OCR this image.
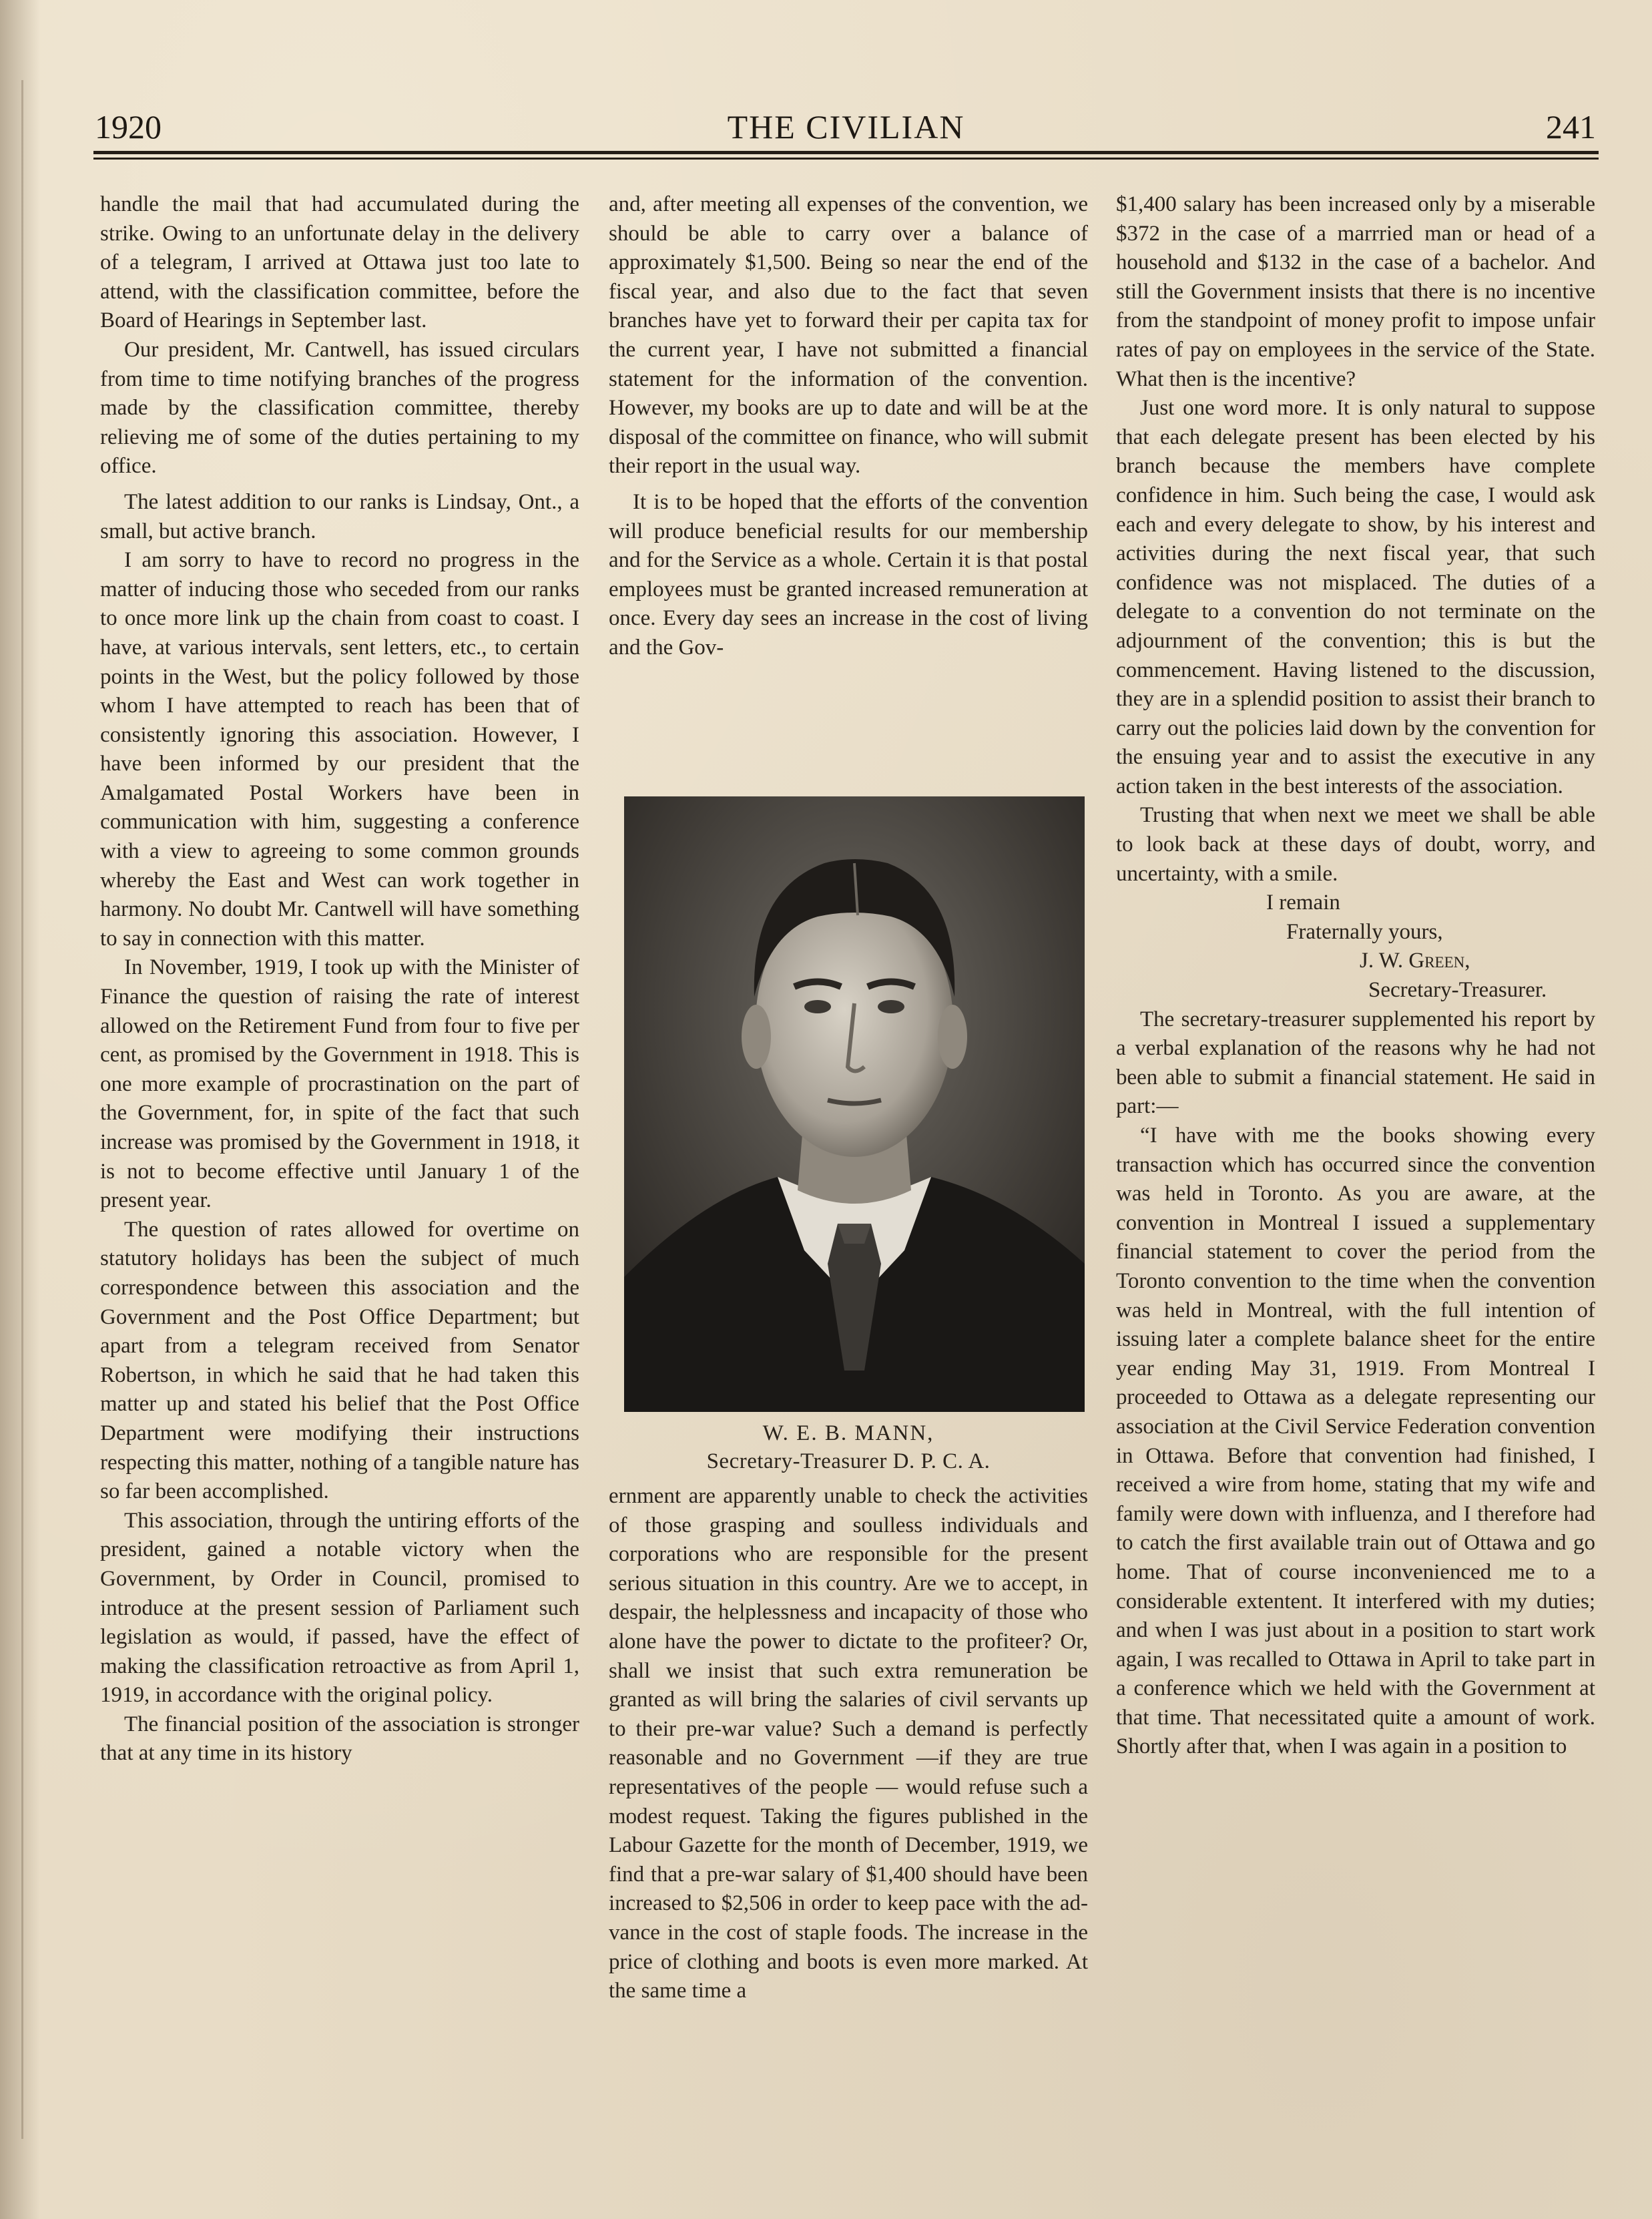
1920	THE CIVILIAN	241

handle the mail that had accumulated during the strike. Owing to an unfortunate delay in the delivery of a telegram, I arrived at Ottawa just too late to attend, with the classification committee, before the Board of Hearings in September last.

Our president, Mr. Cantwell, has issued circulars from time to time notifying branches of the progress made by the classification committee, thereby relieving me of some of the duties pertaining to my office.

The latest addition to our ranks is Lindsay, Ont., a small, but active branch.

I am sorry to have to record no progress in the matter of inducing those who seceded from our ranks to once more link up the chain from coast to coast. I have, at various intervals, sent letters, etc., to certain points in the West, but the policy followed by those whom I have attempted to reach has been that of consistently ignoring this association. However, I have been informed by our president that the Amalgamated Postal Workers have been in communication with him, suggesting a conference with a view to agreeing to some common grounds whereby the East and West can work together in harmony. No doubt Mr. Cantwell will have something to say in connection with this matter.

In November, 1919, I took up with the Minister of Finance the question of raising the rate of interest allowed on the Retirement Fund from four to five per cent, as promised by the Government in 1918. This is one more example of procrastination on the part of the Government, for, in spite of the fact that such increase was promised by the Government in 1918, it is not to become effective until January 1 of the present year.

The question of rates allowed for overtime on statutory holidays has been the subject of much correspondence between this association and the Government and the Post Office Department; but apart from a telegram received from Senator Robertson, in which he said that he had taken this matter up and stated his belief that the Post Office Department were modifying their instructions respecting this matter, nothing of a tangible nature has so far been accomplished.

This association, through the untiring efforts of the president, gained a notable victory when the Government, by Order in Council, promised to introduce at the present session of Parliament such legislation as would, if passed, have the effect of making the classification retroactive as from April 1, 1919, in accordance with the original policy.

The financial position of the association is stronger that at any time in its history

and, after meeting all expenses of the convention, we should be able to carry over a balance of approximately $1,500. Being so near the end of the fiscal year, and also due to the fact that seven branches have yet to forward their per capita tax for the current year, I have not submitted a financial statement for the information of the convention. However, my books are up to date and will be at the disposal of the committee on finance, who will submit their report in the usual way.

It is to be hoped that the efforts of the convention will produce beneficial results for our membership and for the Service as a whole. Certain it is that postal employees must be granted increased remuneration at once. Every day sees an increase in the cost of living and the Gov-

W. E. B. MANN,
Secretary-Treasurer D. P. C. A.

ernment are apparently unable to check the activities of those grasping and soulless individuals and corporations who are responsible for the present serious situation in this country. Are we to accept, in despair, the helplessness and incapacity of those who alone have the power to dictate to the profiteer? Or, shall we insist that such extra remuneration be granted as will bring the salaries of civil servants up to their pre-war value? Such a demand is perfectly reasonable and no Government —if they are true representatives of the people — would refuse such a modest request. Taking the figures published in the Labour Gazette for the month of December, 1919, we find that a pre-war salary of $1,400 should have been increased to $2,506 in order to keep pace with the advance in the cost of staple foods. The increase in the price of clothing and boots is even more marked. At the same time a

$1,400 salary has been increased only by a miserable $372 in the case of a marrried man or head of a household and $132 in the case of a bachelor. And still the Government insists that there is no incentive from the standpoint of money profit to impose unfair rates of pay on employees in the service of the State. What then is the incentive?

Just one word more. It is only natural to suppose that each delegate present has been elected by his branch because the members have complete confidence in him. Such being the case, I would ask each and every delegate to show, by his interest and activities during the next fiscal year, that such confidence was not misplaced. The duties of a delegate to a convention do not terminate on the adjournment of the convention; this is but the commencement. Having listened to the discussion, they are in a splendid position to assist their branch to carry out the policies laid down by the convention for the ensuing year and to assist the executive in any action taken in the best interests of the association.

Trusting that when next we meet we shall be able to look back at these days of doubt, worry, and uncertainty, with a smile.

I remain

Fraternally yours,

J. W. Green,

Secretary-Treasurer.

The secretary-treasurer supplemented his report by a verbal explanation of the reasons why he had not been able to submit a financial statement. He said in part:—

“I have with me the books showing every transaction which has occurred since the convention was held in Toronto. As you are aware, at the convention in Montreal I issued a supplementary financial statement to cover the period from the Toronto convention to the time when the convention was held in Montreal, with the full intention of issuing later a complete balance sheet for the entire year ending May 31, 1919. From Montreal I proceeded to Ottawa as a delegate representing our association at the Civil Service Federation convention in Ottawa. Before that convention had finished, I received a wire from home, stating that my wife and family were down with influenza, and I therefore had to catch the first available train out of Ottawa and go home. That of course inconvenienced me to a considerable extentent. It interfered with my duties; and when I was just about in a position to start work again, I was recalled to Ottawa in April to take part in a conference which we held with the Government at that time. That necessitated quite a amount of work. Shortly after that, when I was again in a position to
